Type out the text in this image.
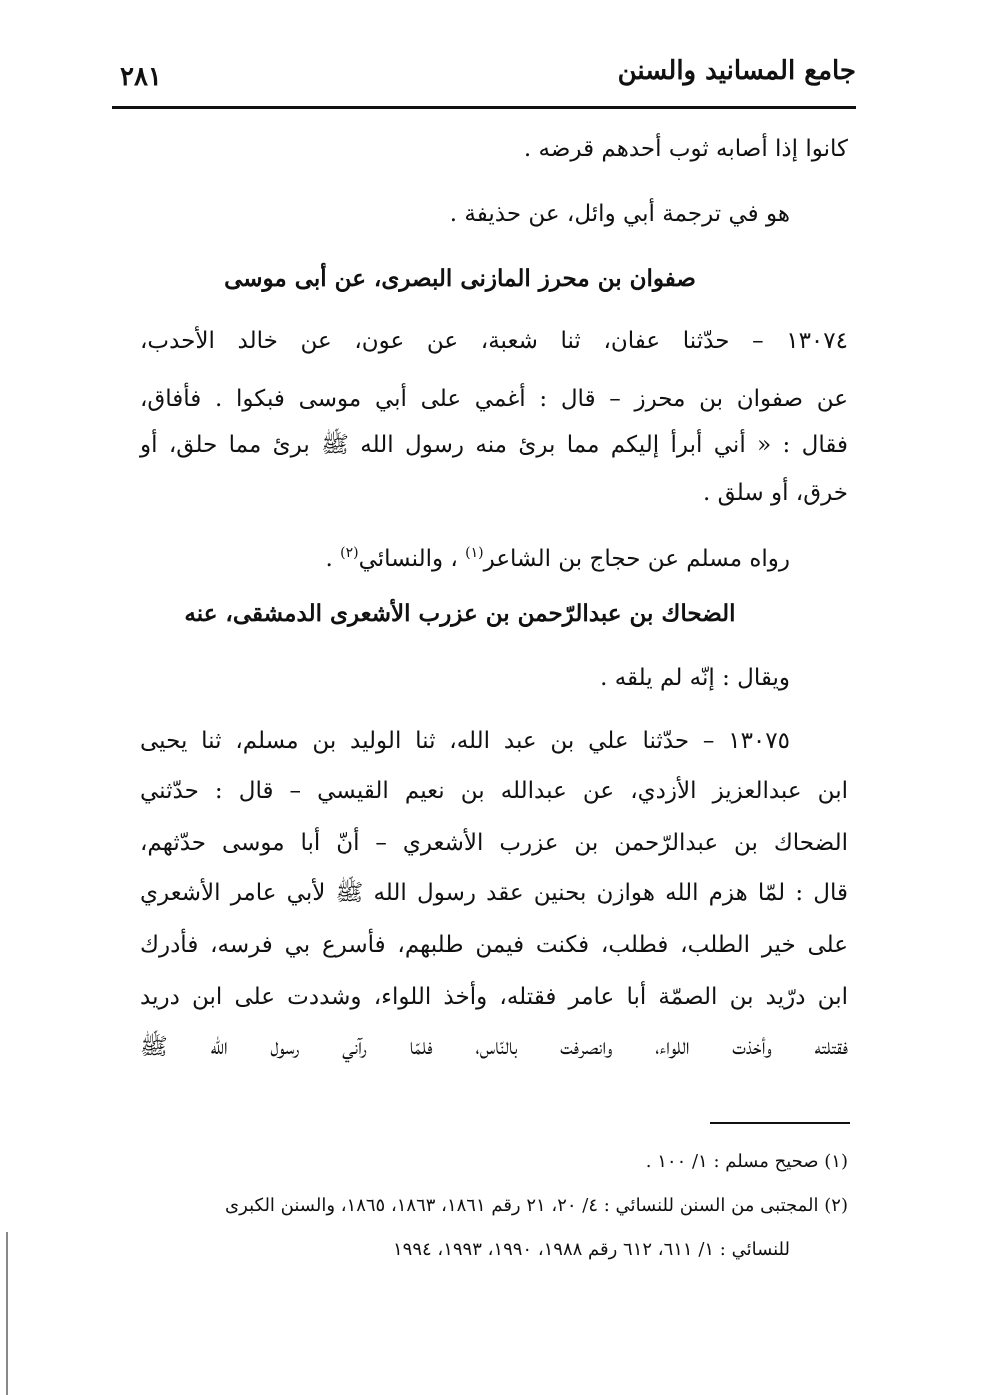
جامع المسانيد والسنن
٢٨١
كانوا إذا أصابه ثوب أحدهم قرضه .
هو في ترجمة أبي وائل، عن حذيفة .
صفوان بن محرز المازنى البصرى، عن أبى موسى
١٣٠٧٤ – حدّثنا عفان، ثنا شعبة، عن عون، عن خالد الأحدب،
عن صفوان بن محرز – قال : أغمي على أبي موسى فبكوا . فأفاق،
فقال : « أني أبرأ إليكم مما برئ منه رسول الله ﷺ برئ مما حلق، أو
خرق، أو سلق .
رواه مسلم عن حجاج بن الشاعر$^{(١)}$ ، والنسائي$^{(٢)}$ .
الضحاك بن عبدالرّحمن بن عزرب الأشعرى الدمشقى، عنه
ويقال : إنّه لم يلقه .
١٣٠٧٥ – حدّثنا علي بن عبد الله، ثنا الوليد بن مسلم، ثنا يحيى
ابن عبدالعزيز الأزدي، عن عبدالله بن نعيم القيسي – قال : حدّثني
الضحاك بن عبدالرّحمن بن عزرب الأشعري – أنّ أبا موسى حدّثهم،
قال : لمّا هزم الله هوازن بحنين عقد رسول الله ﷺ لأبي عامر الأشعري
على خير الطلب، فطلب، فكنت فيمن طلبهم، فأسرع بي فرسه، فأدرك
ابن درّيد بن الصمّة أبا عامر فقتله، وأخذ اللواء، وشددت على ابن دريد
فقتلته وأخذت اللواء، وانصرفت بالنّاس، فلمّا رآني رسول الله ﷺ
(١) صحيح مسلم : ١/ ١٠٠ .
(٢) المجتبى من السنن للنسائي : ٤/ ٢٠، ٢١ رقم ١٨٦١، ١٨٦٣، ١٨٦٥، والسنن الكبرى
للنسائي : ١/ ٦١١، ٦١٢ رقم ١٩٨٨، ١٩٩٠، ١٩٩٣، ١٩٩٤
